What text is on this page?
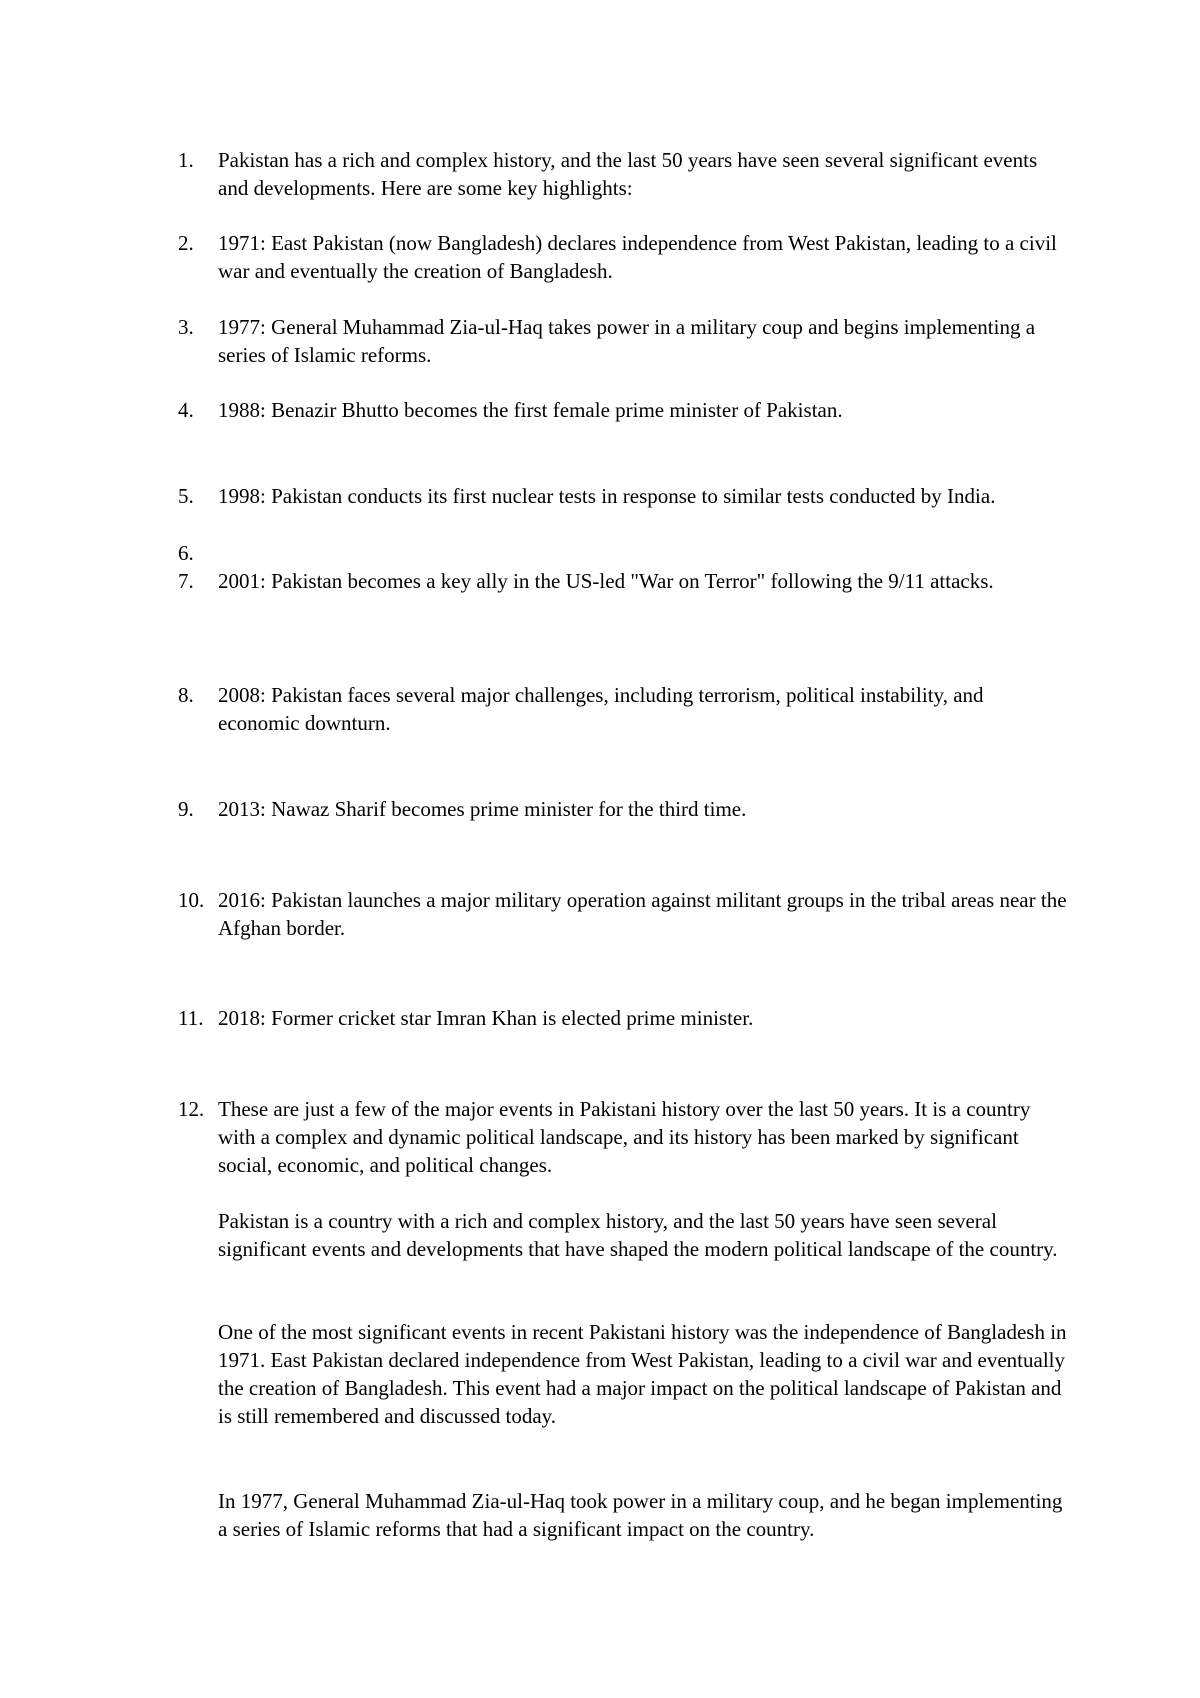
1.	Pakistan has a rich and complex history, and the last 50 years have seen several significant events and developments. Here are some key highlights:
2.	1971: East Pakistan (now Bangladesh) declares independence from West Pakistan, leading to a civil war and eventually the creation of Bangladesh.
3.	1977: General Muhammad Zia-ul-Haq takes power in a military coup and begins implementing a series of Islamic reforms.
4.	1988: Benazir Bhutto becomes the first female prime minister of Pakistan.
5.	1998: Pakistan conducts its first nuclear tests in response to similar tests conducted by India.
6.
7.	2001: Pakistan becomes a key ally in the US-led "War on Terror" following the 9/11 attacks.
8.	2008: Pakistan faces several major challenges, including terrorism, political instability, and economic downturn.
9.	2013: Nawaz Sharif becomes prime minister for the third time.
10. 2016: Pakistan launches a major military operation against militant groups in the tribal areas near the Afghan border.
11. 2018: Former cricket star Imran Khan is elected prime minister.
12. These are just a few of the major events in Pakistani history over the last 50 years. It is a country with a complex and dynamic political landscape, and its history has been marked by significant social, economic, and political changes.
Pakistan is a country with a rich and complex history, and the last 50 years have seen several significant events and developments that have shaped the modern political landscape of the country.
One of the most significant events in recent Pakistani history was the independence of Bangladesh in 1971. East Pakistan declared independence from West Pakistan, leading to a civil war and eventually the creation of Bangladesh. This event had a major impact on the political landscape of Pakistan and is still remembered and discussed today.
In 1977, General Muhammad Zia-ul-Haq took power in a military coup, and he began implementing a series of Islamic reforms that had a significant impact on the country.
